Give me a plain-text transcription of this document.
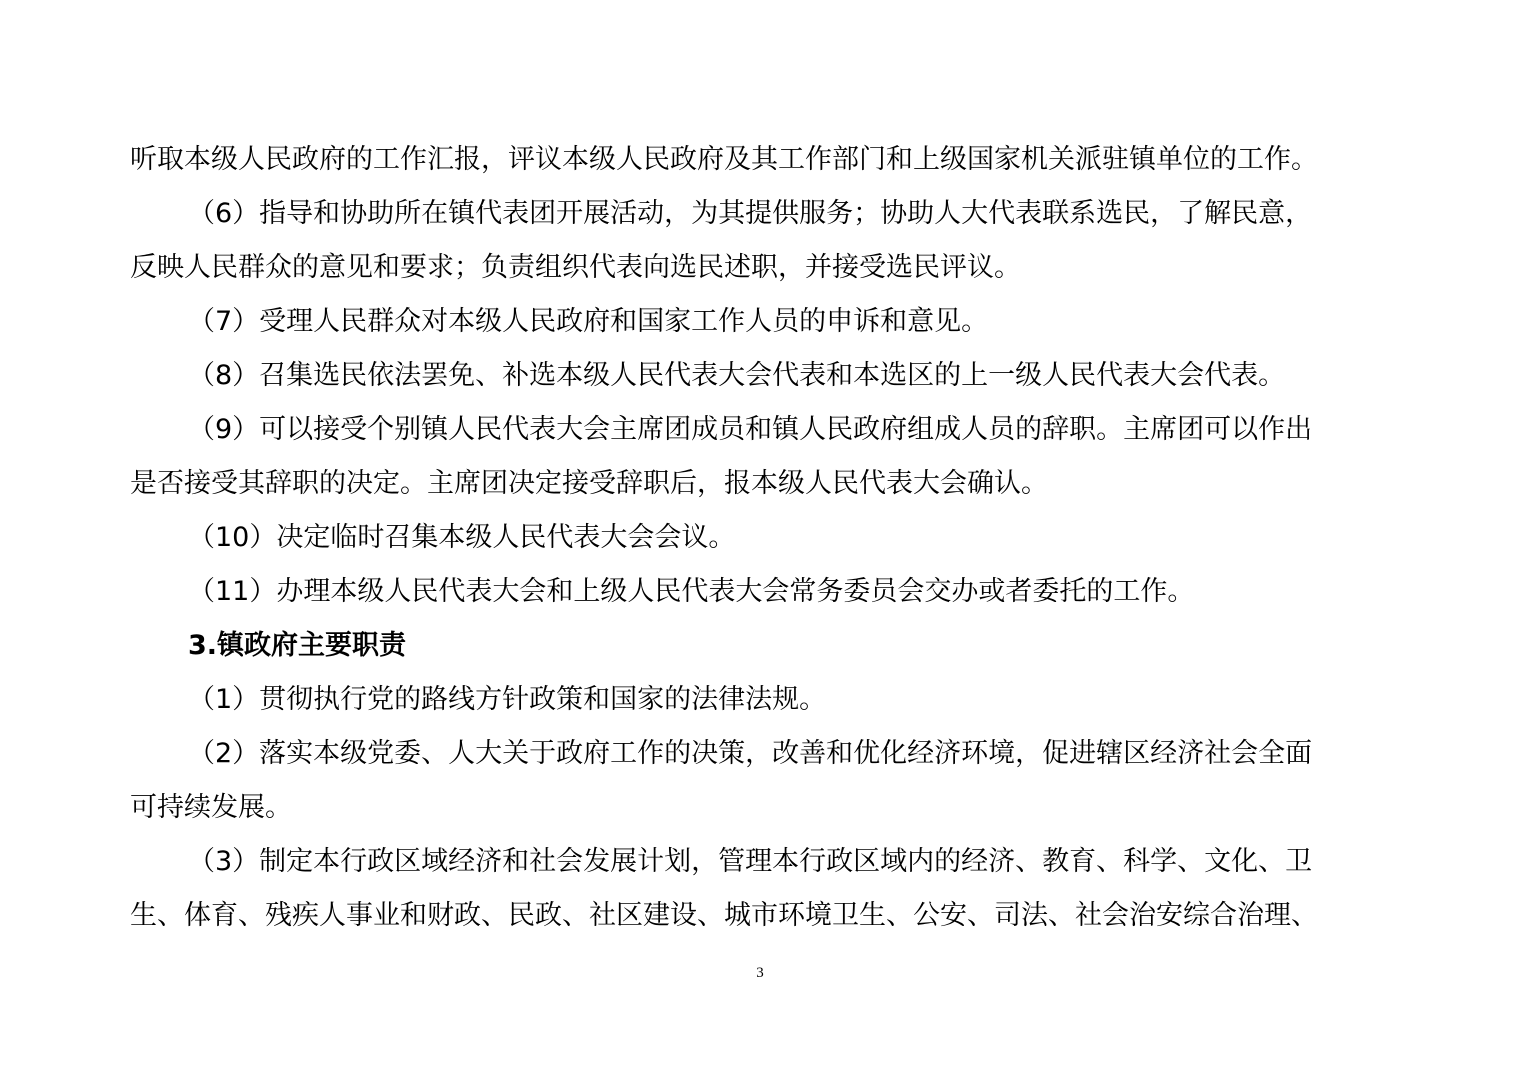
听取本级人民政府的工作汇报，评议本级人民政府及其工作部门和上级国家机关派驻镇单位的工作。
（6）指导和协助所在镇代表团开展活动，为其提供服务；协助人大代表联系选民，了解民意，
反映人民群众的意见和要求；负责组织代表向选民述职，并接受选民评议。
（7）受理人民群众对本级人民政府和国家工作人员的申诉和意见。
（8）召集选民依法罢免、补选本级人民代表大会代表和本选区的上一级人民代表大会代表。
（9）可以接受个别镇人民代表大会主席团成员和镇人民政府组成人员的辞职。主席团可以作出
是否接受其辞职的决定。主席团决定接受辞职后，报本级人民代表大会确认。
（10）决定临时召集本级人民代表大会会议。
（11）办理本级人民代表大会和上级人民代表大会常务委员会交办或者委托的工作。
3.镇政府主要职责
（1）贯彻执行党的路线方针政策和国家的法律法规。
（2）落实本级党委、人大关于政府工作的决策，改善和优化经济环境，促进辖区经济社会全面
可持续发展。
（3）制定本行政区域经济和社会发展计划，管理本行政区域内的经济、教育、科学、文化、卫
生、体育、残疾人事业和财政、民政、社区建设、城市环境卫生、公安、司法、社会治安综合治理、
3
